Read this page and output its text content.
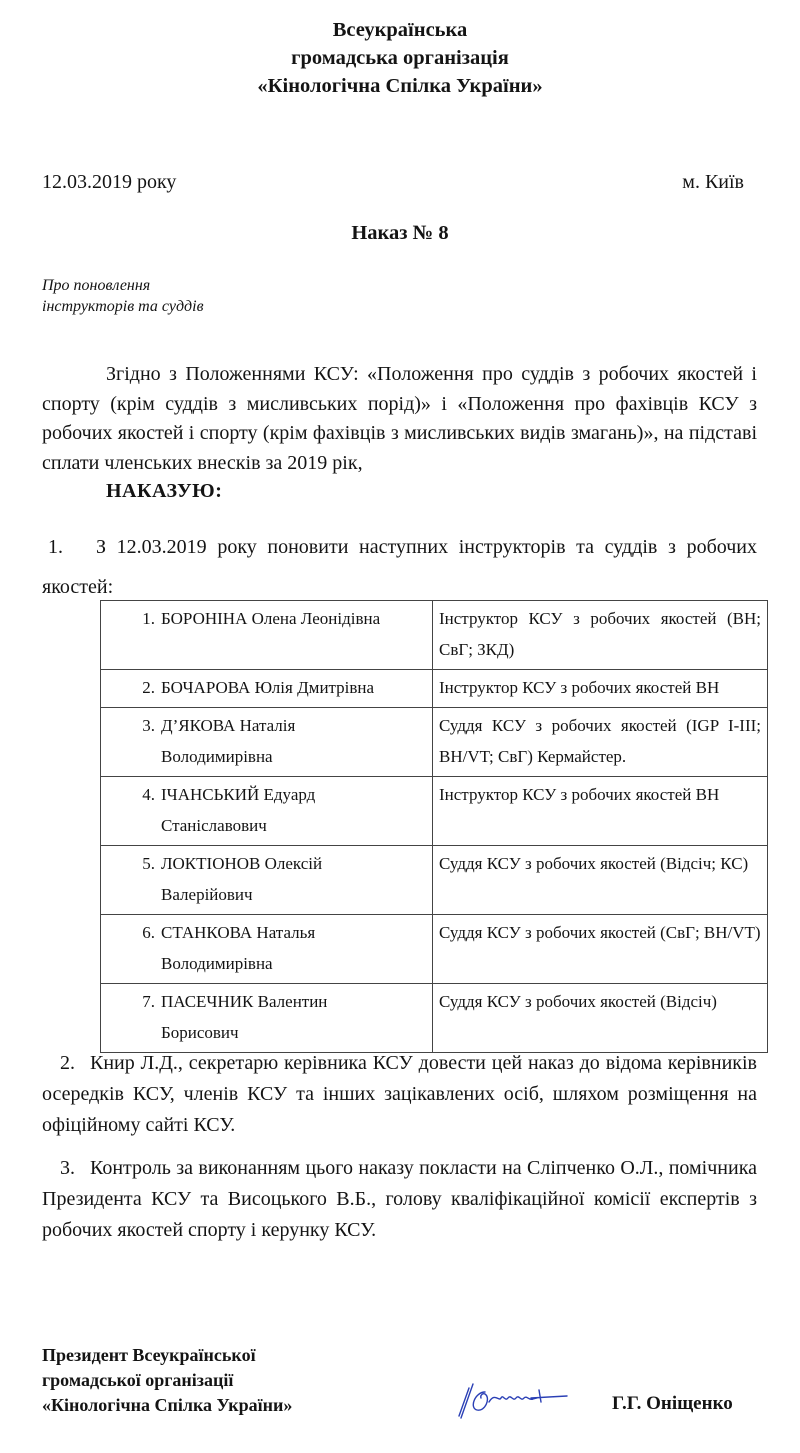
Всеукраїнська
громадська організація
«Кінологічна Спілка України»
12.03.2019 року	м. Київ
Наказ № 8
Про поновлення
інструкторів та суддів
Згідно з Положеннями КСУ: «Положення про суддів з робочих якостей і спорту (крім суддів з мисливських порід)» і «Положення про фахівців КСУ з робочих якостей і спорту (крім фахівців з мисливських видів змагань)», на підставі сплати членських внесків за 2019 рік,
НАКАЗУЮ:
1. З 12.03.2019 року поновити наступних інструкторів та суддів з робочих якостей:
1. БОРОНІНА Олена Леонідівна	Інструктор КСУ з робочих якостей (ВН; СвГ; ЗКД)
2. БОЧАРОВА Юлія Дмитрівна	Інструктор КСУ з робочих якостей ВН
3. Д’ЯКОВА Наталія
Володимирівна	Суддя КСУ з робочих якостей (IGP I-III; BH/VT; СвГ) Кермайстер.
4. ІЧАНСЬКИЙ Едуард
Станіславович	Інструктор КСУ з робочих якостей ВН
5. ЛОКТІОНОВ Олексій
Валерійович	Суддя КСУ з робочих якостей (Відсіч; КС)
6. СТАНКОВА Наталья
Володимирівна	Суддя КСУ з робочих якостей (СвГ; BH/VT)
7. ПАСЕЧНИК Валентин
Борисович	Суддя КСУ з робочих якостей (Відсіч)
2. Книр Л.Д., секретарю керівника КСУ довести цей наказ до відома керівників осередків КСУ, членів КСУ та інших зацікавлених осіб, шляхом розміщення на офіційному сайті КСУ.
3. Контроль за виконанням цього наказу покласти на Сліпченко О.Л., помічника Президента КСУ та Висоцького В.Б., голову кваліфікаційної комісії експертів з робочих якостей спорту і керунку КСУ.
Президент Всеукраїнської
громадської організації
«Кінологічна Спілка України»	Г.Г. Оніщенко
